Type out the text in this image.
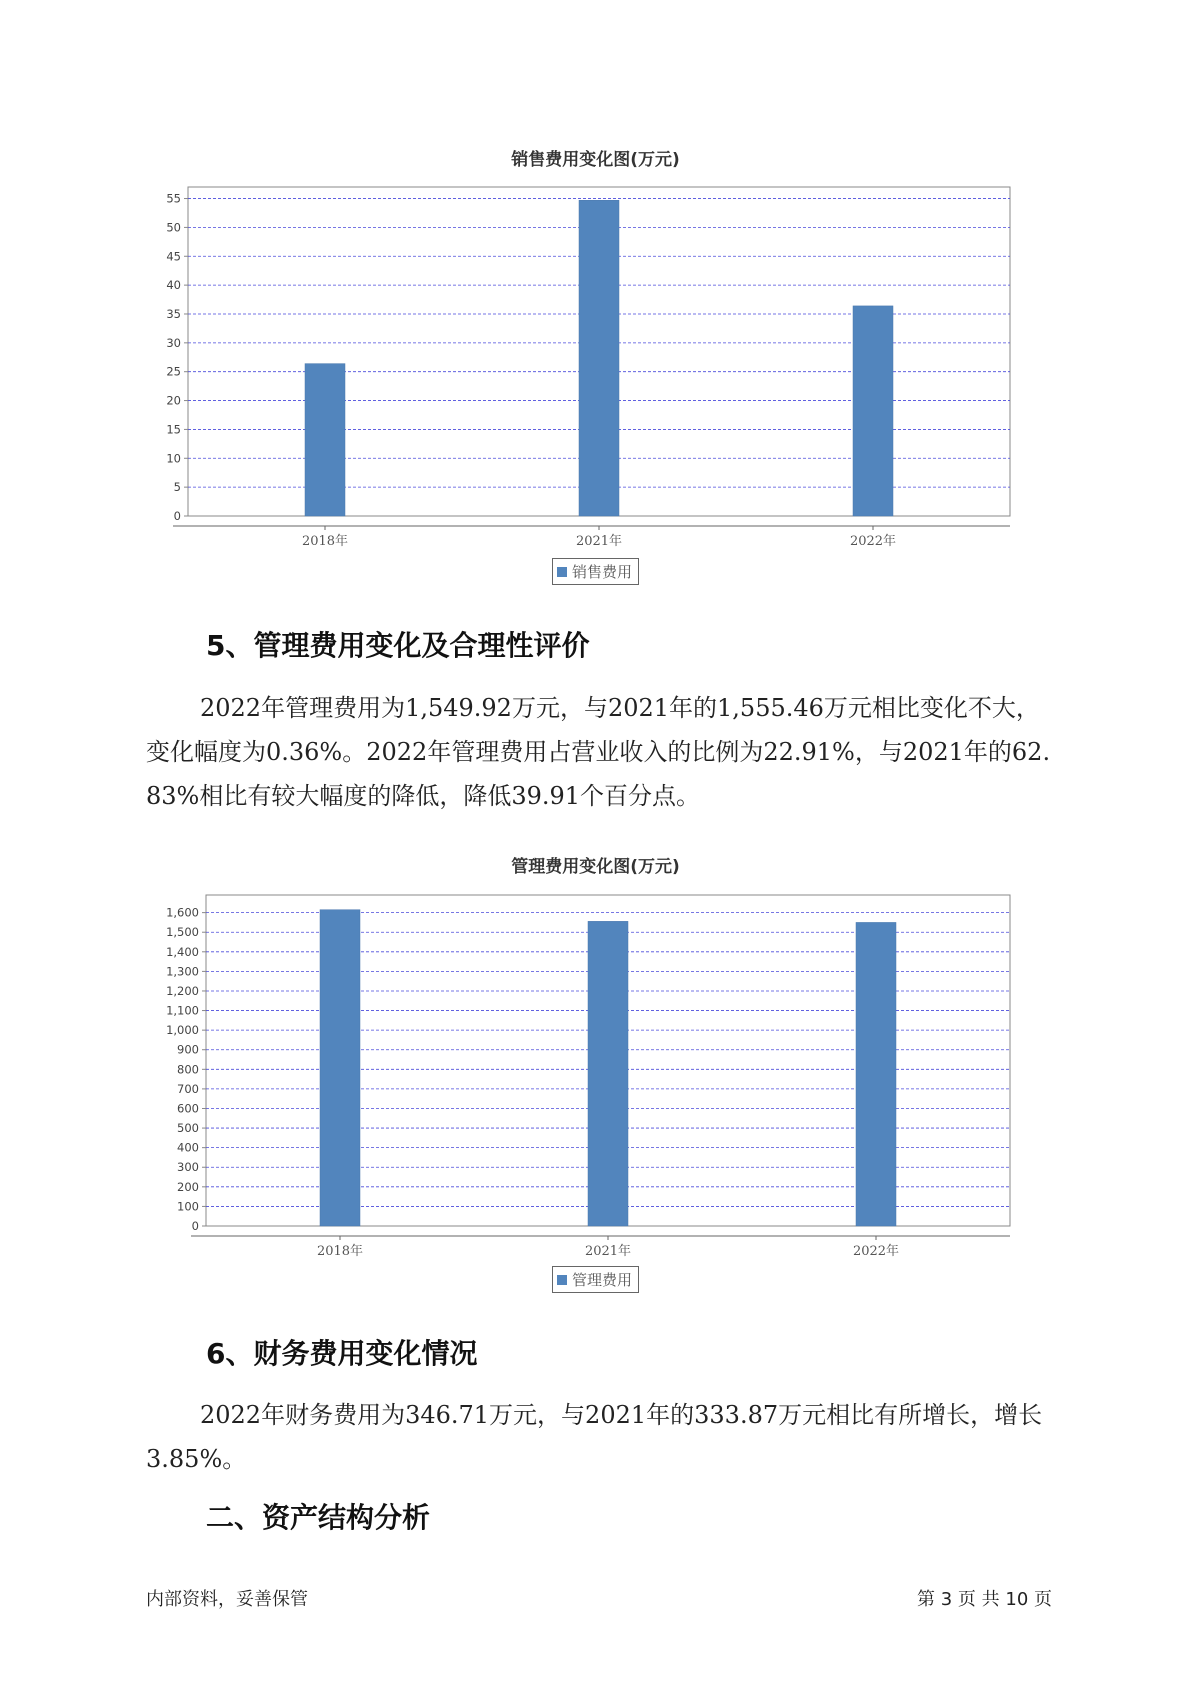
销售费用变化图(万元)
0
5
10
15
20
25
30
35
40
45
50
55
2018年	2021年	2022年
销售费用
5、管理费用变化及合理性评价
2022年管理费用为1,549.92万元，与2021年的1,555.46万元相比变化不大，变化幅度为0.36%。2022年管理费用占营业收入的比例为22.91%，与2021年的62.83%相比有较大幅度的降低，降低39.91个百分点。
管理费用变化图(万元)
0
100
200
300
400
500
600
700
800
900
1,000
1,100
1,200
1,300
1,400
1,500
1,600
2018年	2021年	2022年
管理费用
6、财务费用变化情况
2022年财务费用为346.71万元，与2021年的333.87万元相比有所增长，增长3.85%。
二、资产结构分析
内部资料，妥善保管	第 3 页 共 10 页
